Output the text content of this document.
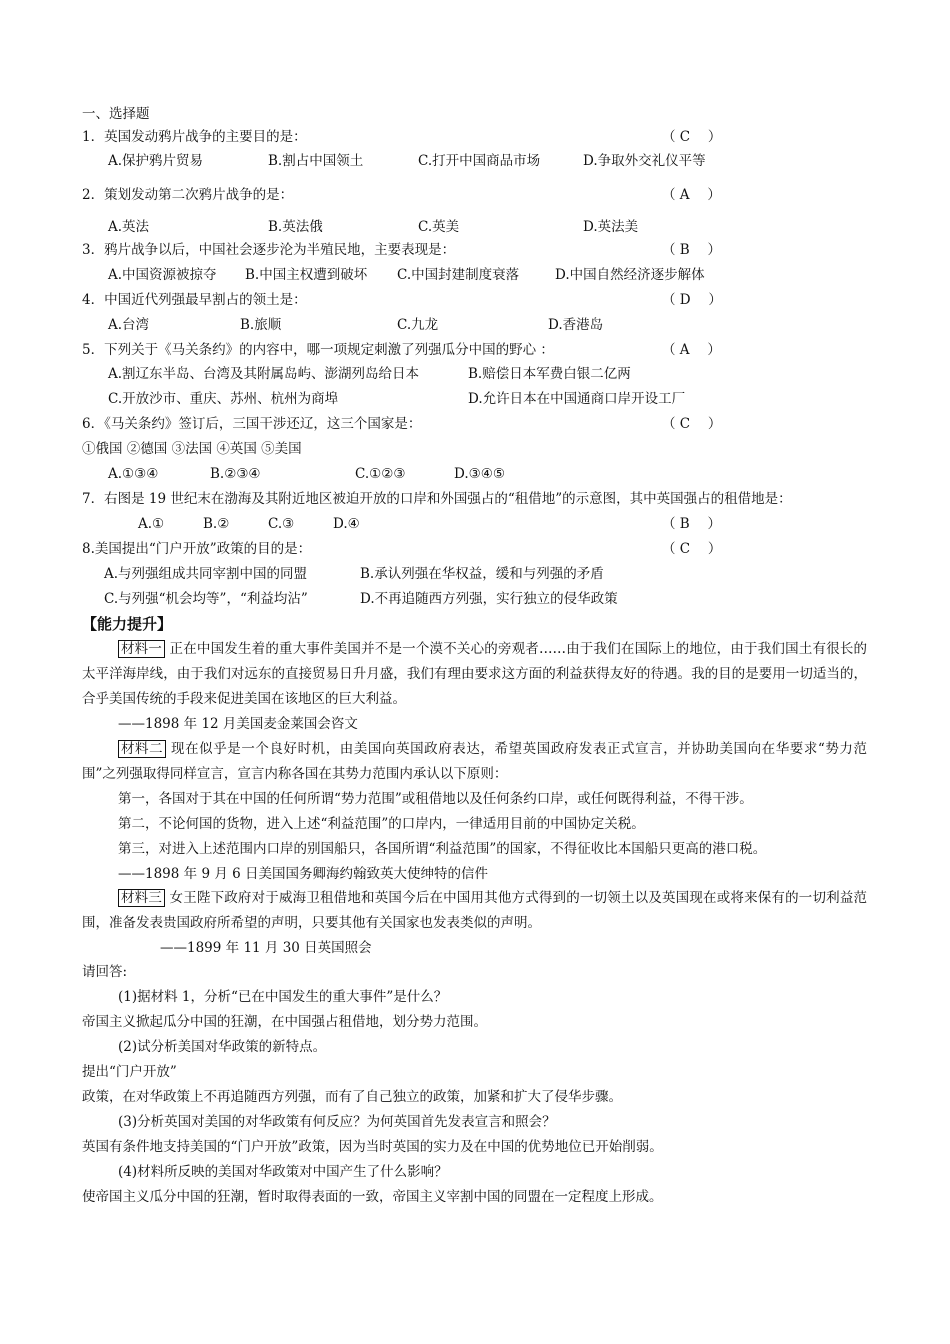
一、选择题
1．英国发动鸦片战争的主要目的是：	（ C　 ）
A.保护鸦片贸易	B.割占中国领土	C.打开中国商品市场	D.争取外交礼仪平等
2．策划发动第二次鸦片战争的是：	（ A　 ）
A.英法	B.英法俄	C.英美	D.英法美
3．鸦片战争以后，中国社会逐步沦为半殖民地，主要表现是：	（ B　 ）
A.中国资源被掠夺 B.中国主权遭到破坏 C.中国封建制度衰落	D.中国自然经济逐步解体
4．中国近代列强最早割占的领土是：	（ D　 ）
A.台湾	B.旅顺	C.九龙	D.香港岛
5．下列关于《马关条约》的内容中，哪一项规定刺激了列强瓜分中国的野心 ：	（ A　 ）
A.割辽东半岛、台湾及其附属岛屿、澎湖列岛给日本	B.赔偿日本军费白银二亿两
C.开放沙市、重庆、苏州、杭州为商埠	D.允许日本在中国通商口岸开设工厂
6．《马关条约》签订后，三国干涉还辽，这三个国家是：	（ C　 ）
①俄国 ②德国 ③法国 ④英国 ⑤美国
A.①③④	B.②③④	C.①②③	D.③④⑤
7．右图是 19 世纪末在渤海及其附近地区被迫开放的口岸和外国强占的“租借地”的示意图，其中英国强占的租借地是：
A.①	B.②	C.③	D.④	（ B　 ）
8.美国提出“门户开放”政策的目的是：	（ C　 ）
A.与列强组成共同宰割中国的同盟	B.承认列强在华权益，缓和与列强的矛盾
C.与列强“机会均等”，“利益均沾”	D.不再追随西方列强，实行独立的侵华政策
【能力提升】
材料一 正在中国发生着的重大事件美国并不是一个漠不关心的旁观者……由于我们在国际上的地位，由于我们国土有很长的太平洋海岸线，由于我们对远东的直接贸易日升月盛，我们有理由要求这方面的利益获得友好的待遇。我的目的是要用一切适当的，合乎美国传统的手段来促进美国在该地区的巨大利益。
——1898 年 12 月美国麦金莱国会咨文
材料二 现在似乎是一个良好时机，由美国向英国政府表达，希望英国政府发表正式宣言，并协助美国向在华要求“势力范围”之列强取得同样宣言，宣言内称各国在其势力范围内承认以下原则：
第一，各国对于其在中国的任何所谓“势力范围”或租借地以及任何条约口岸，或任何既得利益，不得干涉。
第二，不论何国的货物，进入上述“利益范围”的口岸内，一律适用目前的中国协定关税。
第三，对进入上述范围内口岸的别国船只，各国所谓“利益范围”的国家，不得征收比本国船只更高的港口税。
——1898 年 9 月 6 日美国国务卿海约翰致英大使绅特的信件
材料三 女王陛下政府对于威海卫租借地和英国今后在中国用其他方式得到的一切领土以及英国现在或将来保有的一切利益范围，准备发表贵国政府所希望的声明，只要其他有关国家也发表类似的声明。
——1899 年 11 月 30 日英国照会
请回答:
(1)据材料 1，分析“已在中国发生的重大事件”是什么？
帝国主义掀起瓜分中国的狂潮，在中国强占租借地，划分势力范围。
(2)试分析美国对华政策的新特点。
提出“门户开放”
政策，在对华政策上不再追随西方列强，而有了自己独立的政策，加紧和扩大了侵华步骤。
(3)分析英国对美国的对华政策有何反应？为何英国首先发表宣言和照会？
英国有条件地支持美国的“门户开放”政策，因为当时英国的实力及在中国的优势地位已开始削弱。
(4)材料所反映的美国对华政策对中国产生了什么影响？
使帝国主义瓜分中国的狂潮，暂时取得表面的一致，帝国主义宰割中国的同盟在一定程度上形成。
